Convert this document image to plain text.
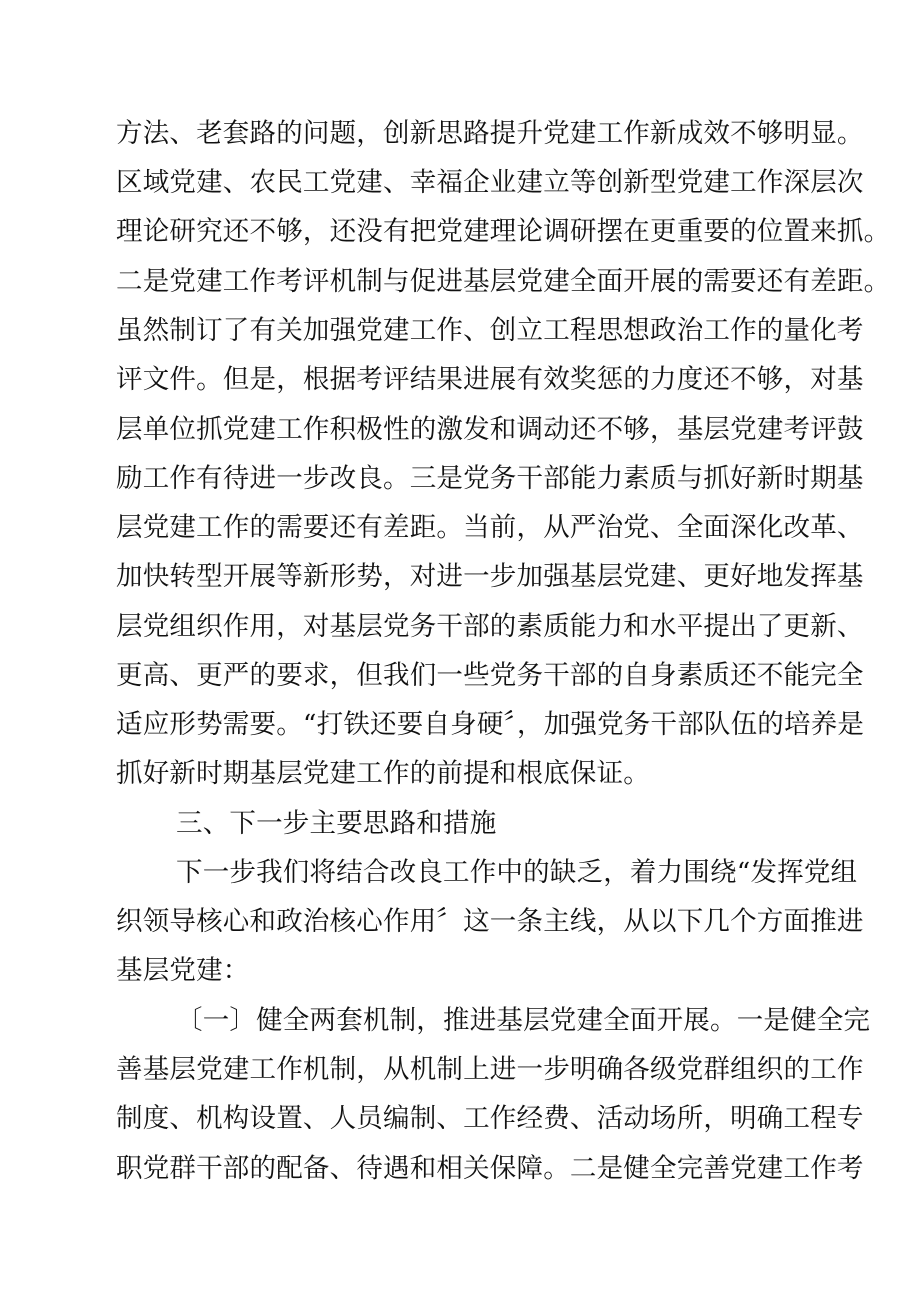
方法、老套路的问题，创新思路提升党建工作新成效不够明显。
区域党建、农民工党建、幸福企业建立等创新型党建工作深层次
理论研究还不够，还没有把党建理论调研摆在更重要的位置来抓。
二是党建工作考评机制与促进基层党建全面开展的需要还有差距。
虽然制订了有关加强党建工作、创立工程思想政治工作的量化考
评文件。但是，根据考评结果进展有效奖惩的力度还不够，对基
层单位抓党建工作积极性的激发和调动还不够，基层党建考评鼓
励工作有待进一步改良。三是党务干部能力素质与抓好新时期基
层党建工作的需要还有差距。当前，从严治党、全面深化改革、
加快转型开展等新形势，对进一步加强基层党建、更好地发挥基
层党组织作用，对基层党务干部的素质能力和水平提出了更新、
更高、更严的要求，但我们一些党务干部的自身素质还不能完全
适应形势需要。“打铁还要自身硬〞，加强党务干部队伍的培养是
抓好新时期基层党建工作的前提和根底保证。
三、下一步主要思路和措施
下一步我们将结合改良工作中的缺乏，着力围绕“发挥党组
织领导核心和政治核心作用〞这一条主线，从以下几个方面推进
基层党建：
〔一〕健全两套机制，推进基层党建全面开展。一是健全完
善基层党建工作机制，从机制上进一步明确各级党群组织的工作
制度、机构设置、人员编制、工作经费、活动场所，明确工程专
职党群干部的配备、待遇和相关保障。二是健全完善党建工作考
